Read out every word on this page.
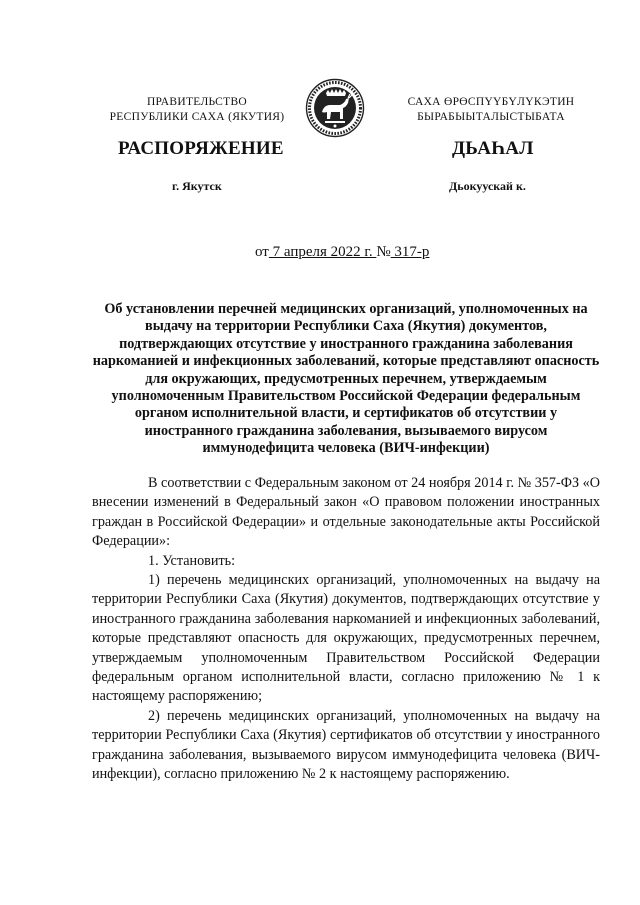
ПРАВИТЕЛЬСТВО
РЕСПУБЛИКИ САХА (ЯКУТИЯ)
САХА ӨРӨСПҮҮБҮЛҮКЭТИН
БЫРАБЫЫТАЛЫСТЫБАТА
РАСПОРЯЖЕНИЕ	ДЬАҺАЛ
г. Якутск	Дьокуускай к.
от 7 апреля 2022 г. № 317-р
Об установлении перечней медицинских организаций, уполномоченных на выдачу на территории Республики Саха (Якутия) документов, подтверждающих отсутствие у иностранного гражданина заболевания наркоманией и инфекционных заболеваний, которые представляют опасность для окружающих, предусмотренных перечнем, утверждаемым уполномоченным Правительством Российской Федерации федеральным органом исполнительной власти, и сертификатов об отсутствии у иностранного гражданина заболевания, вызываемого вирусом иммунодефицита человека (ВИЧ-инфекции)

В соответствии с Федеральным законом от 24 ноября 2014 г. № 357-ФЗ «О внесении изменений в Федеральный закон «О правовом положении иностранных граждан в Российской Федерации» и отдельные законодательные акты Российской Федерации»:

1. Установить:

1) перечень медицинских организаций, уполномоченных на выдачу на территории Республики Саха (Якутия) документов, подтверждающих отсутствие у иностранного гражданина заболевания наркоманией и инфекционных заболеваний, которые представляют опасность для окружающих, предусмотренных перечнем, утверждаемым уполномоченным Правительством Российской Федерации федеральным органом исполнительной власти, согласно приложению № 1 к настоящему распоряжению;

2) перечень медицинских организаций, уполномоченных на выдачу на территории Республики Саха (Якутия) сертификатов об отсутствии у иностранного гражданина заболевания, вызываемого вирусом иммунодефицита человека (ВИЧ-инфекции), согласно приложению № 2 к настоящему распоряжению.
